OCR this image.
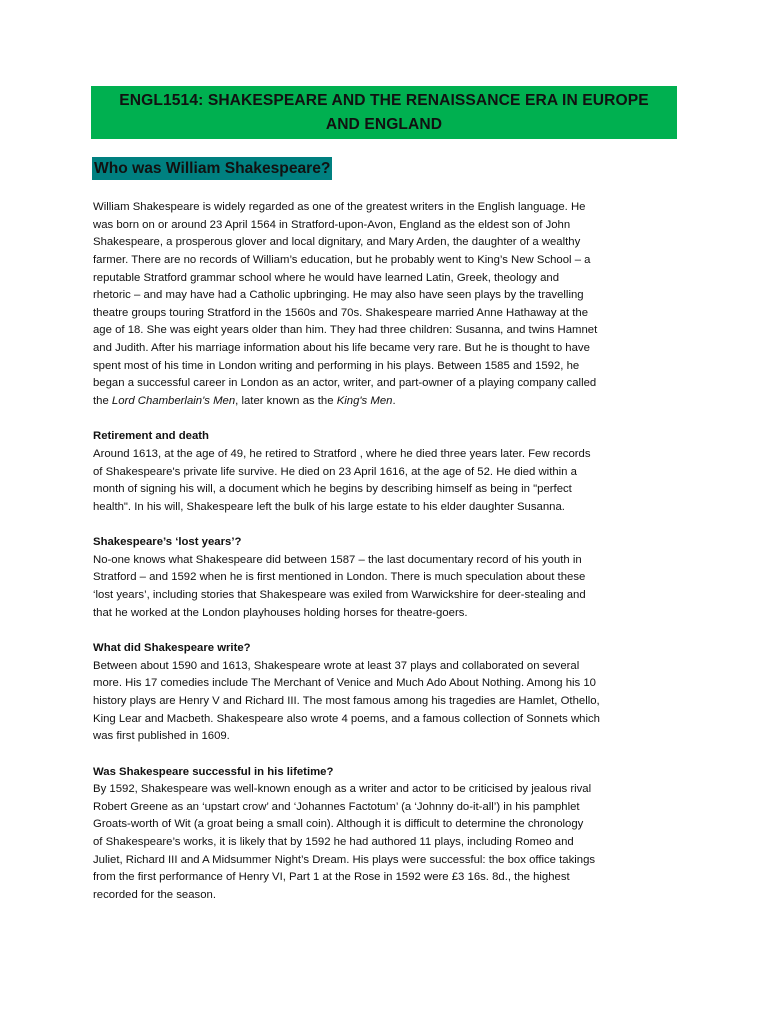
ENGL1514: SHAKESPEARE AND THE RENAISSANCE ERA IN EUROPE
AND ENGLAND
Who was William Shakespeare?
William Shakespeare is widely regarded as one of the greatest writers in the English language. He
was born on or around 23 April 1564 in Stratford-upon-Avon, England as the eldest son of John
Shakespeare, a prosperous glover and local dignitary, and Mary Arden, the daughter of a wealthy
farmer. There are no records of William’s education, but he probably went to King’s New School – a
reputable Stratford grammar school where he would have learned Latin, Greek, theology and
rhetoric – and may have had a Catholic upbringing. He may also have seen plays by the travelling
theatre groups touring Stratford in the 1560s and 70s. Shakespeare married Anne Hathaway at the
age of 18. She was eight years older than him. They had three children: Susanna, and twins Hamnet
and Judith. After his marriage information about his life became very rare. But he is thought to have
spent most of his time in London writing and performing in his plays. Between 1585 and 1592, he
began a successful career in London as an actor, writer, and part-owner of a playing company called
the Lord Chamberlain's Men, later known as the King's Men.
Retirement and death
Around 1613, at the age of 49, he retired to Stratford , where he died three years later. Few records
of Shakespeare's private life survive. He died on 23 April 1616, at the age of 52. He died within a
month of signing his will, a document which he begins by describing himself as being in "perfect
health". In his will, Shakespeare left the bulk of his large estate to his elder daughter Susanna.
Shakespeare’s ‘lost years’?
No-one knows what Shakespeare did between 1587 – the last documentary record of his youth in
Stratford – and 1592 when he is first mentioned in London. There is much speculation about these
‘lost years’, including stories that Shakespeare was exiled from Warwickshire for deer-stealing and
that he worked at the London playhouses holding horses for theatre-goers.
What did Shakespeare write?
Between about 1590 and 1613, Shakespeare wrote at least 37 plays and collaborated on several
more. His 17 comedies include The Merchant of Venice and Much Ado About Nothing. Among his 10
history plays are Henry V and Richard III. The most famous among his tragedies are Hamlet, Othello,
King Lear and Macbeth. Shakespeare also wrote 4 poems, and a famous collection of Sonnets which
was first published in 1609.
Was Shakespeare successful in his lifetime?
By 1592, Shakespeare was well-known enough as a writer and actor to be criticised by jealous rival
Robert Greene as an ‘upstart crow’ and ‘Johannes Factotum’ (a ‘Johnny do-it-all’) in his pamphlet
Groats-worth of Wit (a groat being a small coin). Although it is difficult to determine the chronology
of Shakespeare’s works, it is likely that by 1592 he had authored 11 plays, including Romeo and
Juliet, Richard III and A Midsummer Night’s Dream. His plays were successful: the box office takings
from the first performance of Henry VI, Part 1 at the Rose in 1592 were £3 16s. 8d., the highest
recorded for the season.
